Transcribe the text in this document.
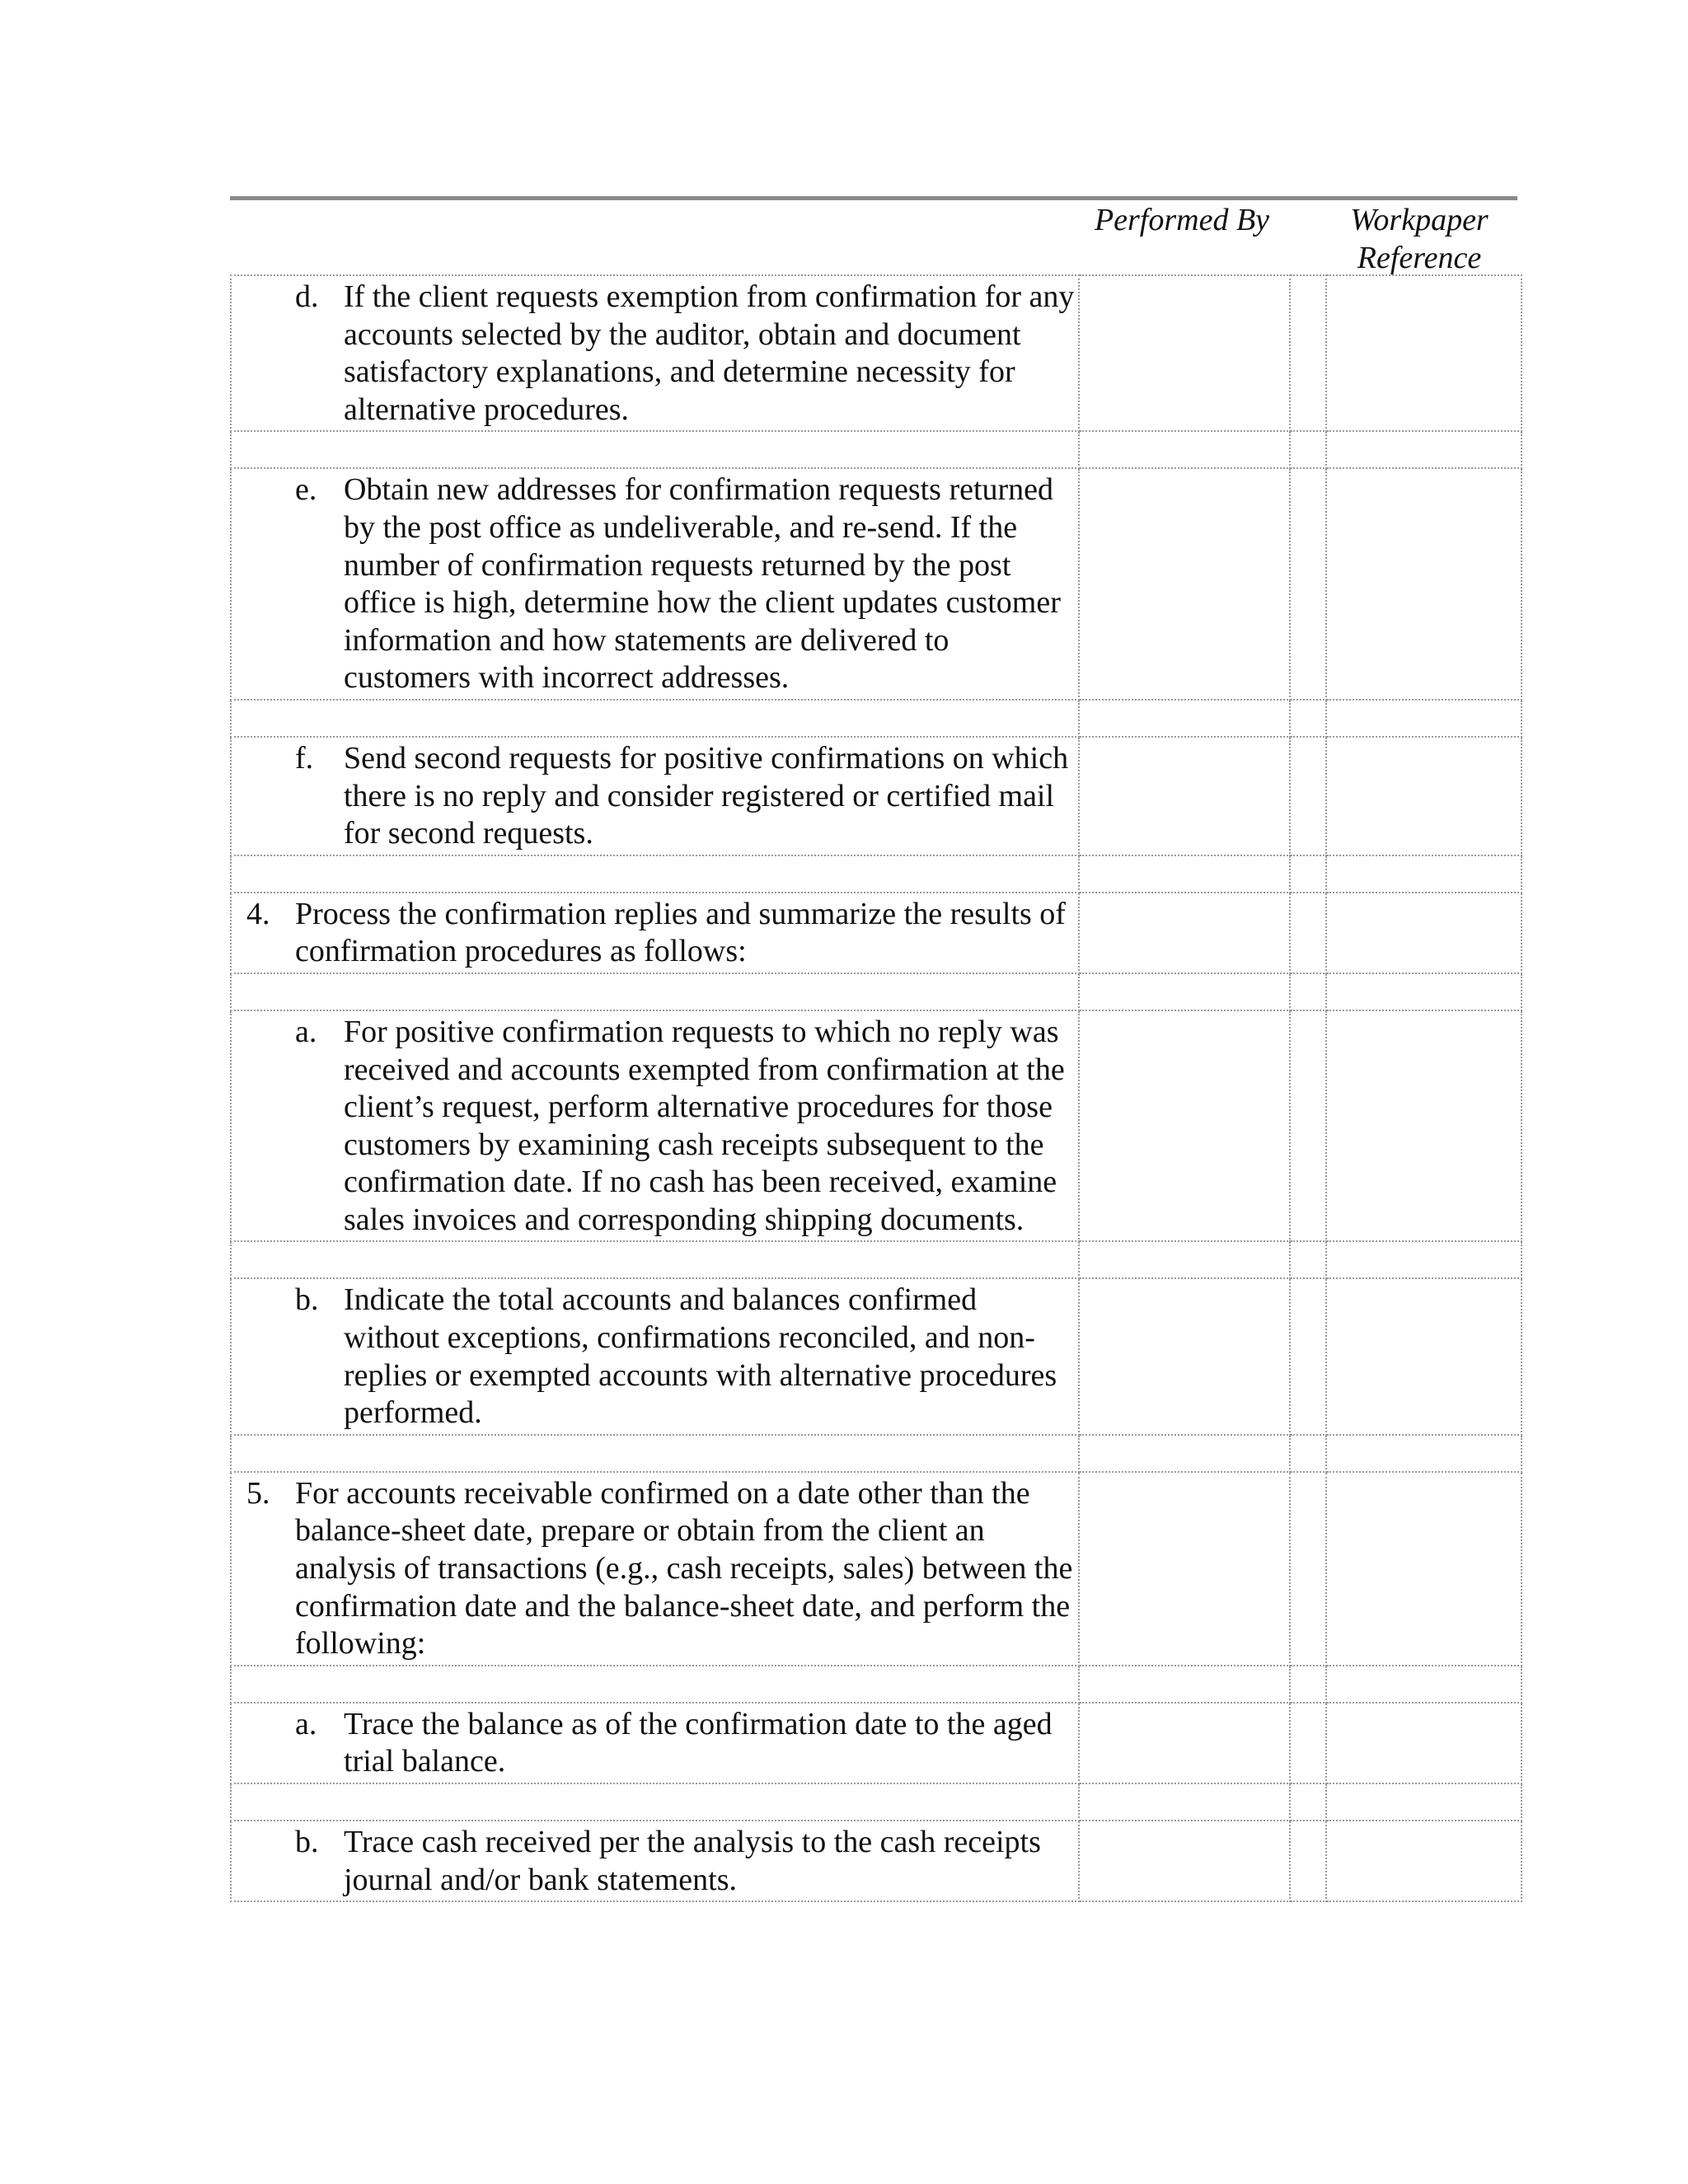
Performed By	Workpaper Reference
d. If the client requests exemption from confirmation for any accounts selected by the auditor, obtain and document satisfactory explanations, and determine necessity for alternative procedures.			

e. Obtain new addresses for confirmation requests returned by the post office as undeliverable, and re-send. If the number of confirmation requests returned by the post office is high, determine how the client updates customer information and how statements are delivered to customers with incorrect addresses.			

f. Send second requests for positive confirmations on which there is no reply and consider registered or certified mail for second requests.			

4. Process the confirmation replies and summarize the results of confirmation procedures as follows:			

a. For positive confirmation requests to which no reply was received and accounts exempted from confirmation at the client’s request, perform alternative procedures for those customers by examining cash receipts subsequent to the confirmation date. If no cash has been received, examine sales invoices and corresponding shipping documents.			

b. Indicate the total accounts and balances confirmed without exceptions, confirmations reconciled, and non-replies or exempted accounts with alternative procedures performed.			

5. For accounts receivable confirmed on a date other than the balance-sheet date, prepare or obtain from the client an analysis of transactions (e.g., cash receipts, sales) between the confirmation date and the balance-sheet date, and perform the following:			

a. Trace the balance as of the confirmation date to the aged trial balance.			

b. Trace cash received per the analysis to the cash receipts journal and/or bank statements.			
